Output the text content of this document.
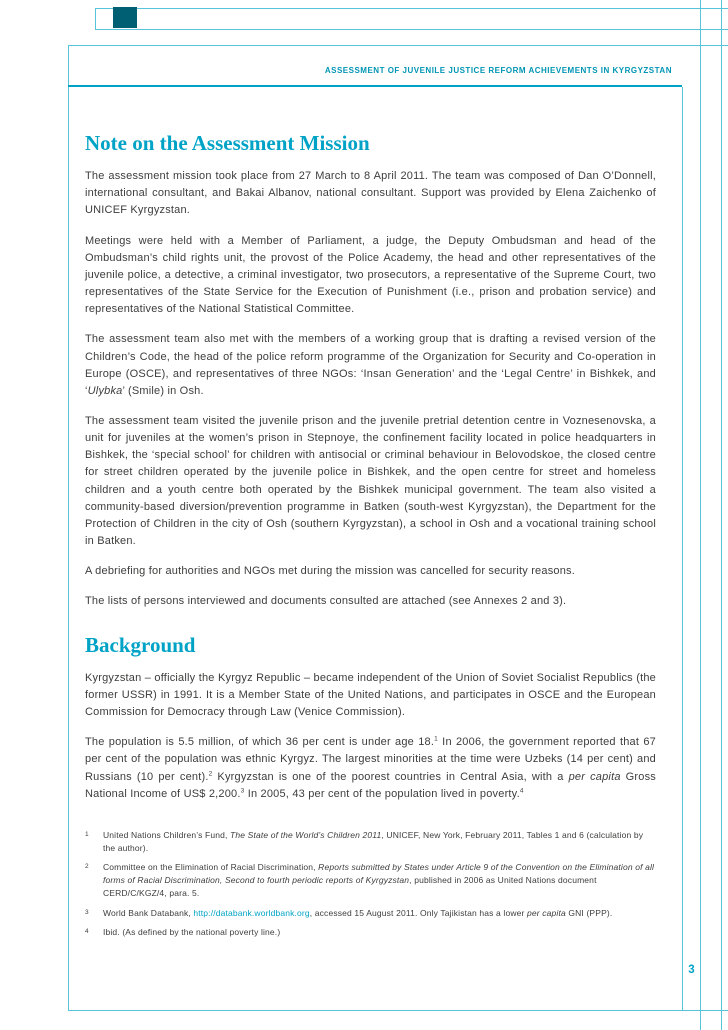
ASSESSMENT OF JUVENILE JUSTICE REFORM ACHIEVEMENTS IN KYRGYZSTAN
Note on the Assessment Mission

The assessment mission took place from 27 March to 8 April 2011. The team was composed of Dan O’Donnell, international consultant, and Bakai Albanov, national consultant. Support was provided by Elena Zaichenko of UNICEF Kyrgyzstan.

Meetings were held with a Member of Parliament, a judge, the Deputy Ombudsman and head of the Ombudsman’s child rights unit, the provost of the Police Academy, the head and other representatives of the juvenile police, a detective, a criminal investigator, two prosecutors, a representative of the Supreme Court, two representatives of the State Service for the Execution of Punishment (i.e., prison and probation service) and representatives of the National Statistical Committee.

The assessment team also met with the members of a working group that is drafting a revised version of the Children’s Code, the head of the police reform programme of the Organization for Security and Co-operation in Europe (OSCE), and representatives of three NGOs: ‘Insan Generation’ and the ‘Legal Centre’ in Bishkek, and ‘Ulybka’ (Smile) in Osh.

The assessment team visited the juvenile prison and the juvenile pretrial detention centre in Voznesenovska, a unit for juveniles at the women’s prison in Stepnoye, the confinement facility located in police headquarters in Bishkek, the ‘special school’ for children with antisocial or criminal behaviour in Belovodskoe, the closed centre for street children operated by the juvenile police in Bishkek, and the open centre for street and homeless children and a youth centre both operated by the Bishkek municipal government. The team also visited a community-based diversion/prevention programme in Batken (south-west Kyrgyzstan), the Department for the Protection of Children in the city of Osh (southern Kyrgyzstan), a school in Osh and a vocational training school in Batken.

A debriefing for authorities and NGOs met during the mission was cancelled for security reasons.

The lists of persons interviewed and documents consulted are attached (see Annexes 2 and 3).

Background

Kyrgyzstan – officially the Kyrgyz Republic – became independent of the Union of Soviet Socialist Republics (the former USSR) in 1991. It is a Member State of the United Nations, and participates in OSCE and the European Commission for Democracy through Law (Venice Commission).

The population is 5.5 million, of which 36 per cent is under age 18.$^1$ In 2006, the government reported that 67 per cent of the population was ethnic Kyrgyz. The largest minorities at the time were Uzbeks (14 per cent) and Russians (10 per cent).$^2$ Kyrgyzstan is one of the poorest countries in Central Asia, with a per capita Gross National Income of US$ 2,200.$^3$ In 2005, 43 per cent of the population lived in poverty.$^4$

1	United Nations Children’s Fund, The State of the World’s Children 2011, UNICEF, New York, February 2011, Tables 1 and 6 (calculation by the author).
2	Committee on the Elimination of Racial Discrimination, Reports submitted by States under Article 9 of the Convention on the Elimination of all forms of Racial Discrimination, Second to fourth periodic reports of Kyrgyzstan, published in 2006 as United Nations document CERD/C/KGZ/4, para. 5.
3	World Bank Databank, http://databank.worldbank.org, accessed 15 August 2011. Only Tajikistan has a lower per capita GNI (PPP).
4	Ibid. (As defined by the national poverty line.)
3
